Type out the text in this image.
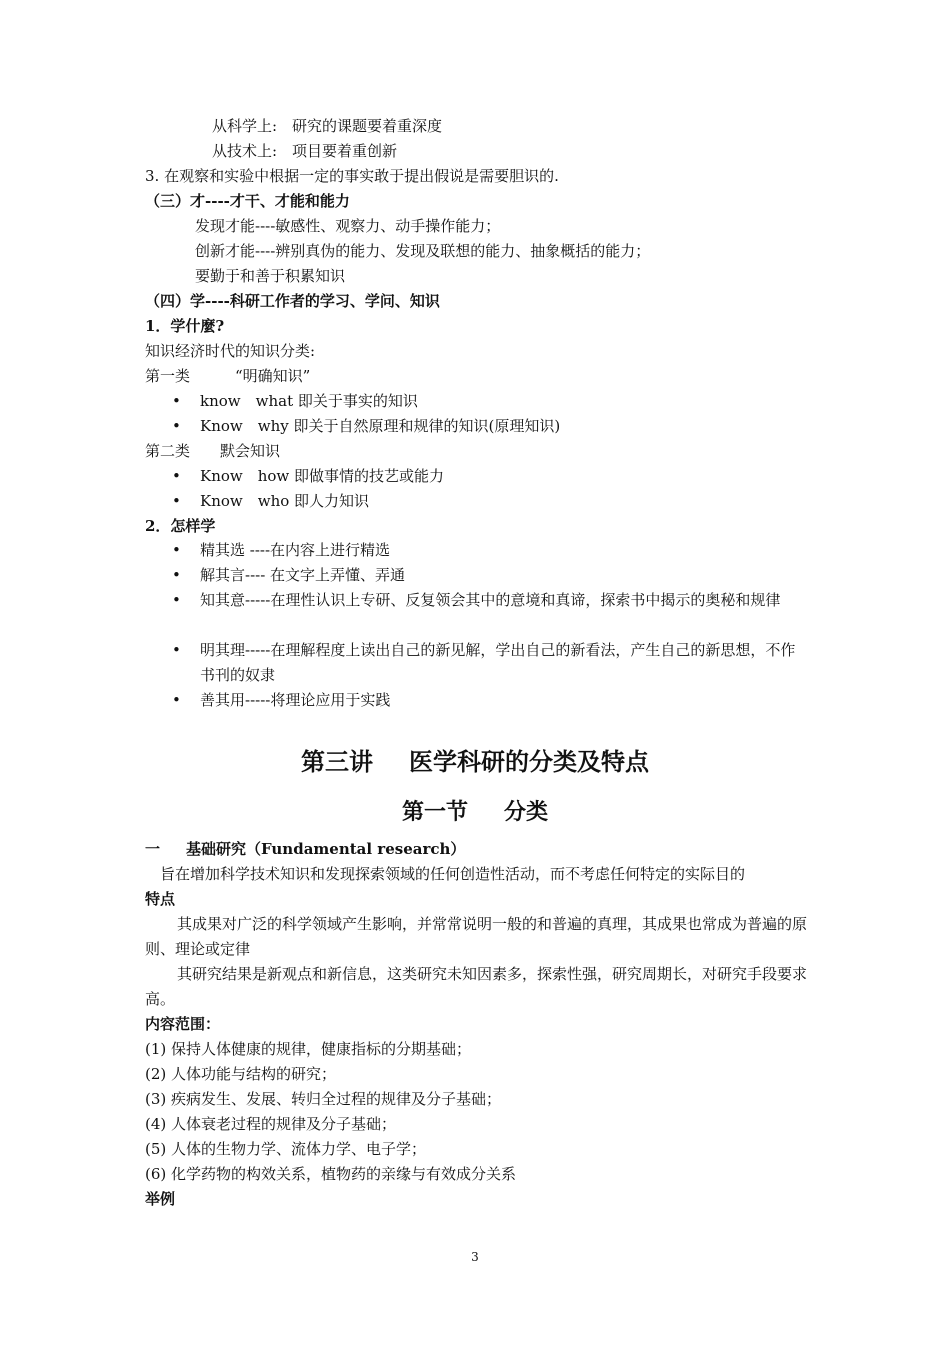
从科学上:　研究的课题要着重深度
从技术上:　项目要着重创新
3. 在观察和实验中根据一定的事实敢于提出假说是需要胆识的.
（三）才----才干、才能和能力
发现才能----敏感性、观察力、动手操作能力；
创新才能----辨别真伪的能力、发现及联想的能力、抽象概括的能力；
要勤于和善于积累知识
（四）学----科研工作者的学习、学问、知识
1．学什麼?
知识经济时代的知识分类:
第一类　　　“明确知识”
• know　what 即关于事实的知识
• Know　why 即关于自然原理和规律的知识(原理知识)
第二类　　默会知识
• Know　how 即做事情的技艺或能力
• Know　who 即人力知识
2．怎样学
• 精其选 ----在内容上进行精选
• 解其言---- 在文字上弄懂、弄通
• 知其意-----在理性认识上专研、反复领会其中的意境和真谛，探索书中揭示的奥秘和规律
• 明其理-----在理解程度上读出自己的新见解，学出自己的新看法，产生自己的新思想，不作书刊的奴隶
• 善其用-----将理论应用于实践
第三讲 医学科研的分类及特点
第一节 分类
一 基础研究（Fundamental research）
旨在增加科学技术知识和发现探索领域的任何创造性活动，而不考虑任何特定的实际目的
特点
其成果对广泛的科学领域产生影响，并常常说明一般的和普遍的真理，其成果也常成为普遍的原则、理论或定律
其研究结果是新观点和新信息，这类研究未知因素多，探索性强，研究周期长，对研究手段要求高。
内容范围：
(1) 保持人体健康的规律，健康指标的分期基础；
(2) 人体功能与结构的研究；
(3) 疾病发生、发展、转归全过程的规律及分子基础；
(4) 人体衰老过程的规律及分子基础；
(5) 人体的生物力学、流体力学、电子学；
(6) 化学药物的构效关系，植物药的亲缘与有效成分关系
举例
3
